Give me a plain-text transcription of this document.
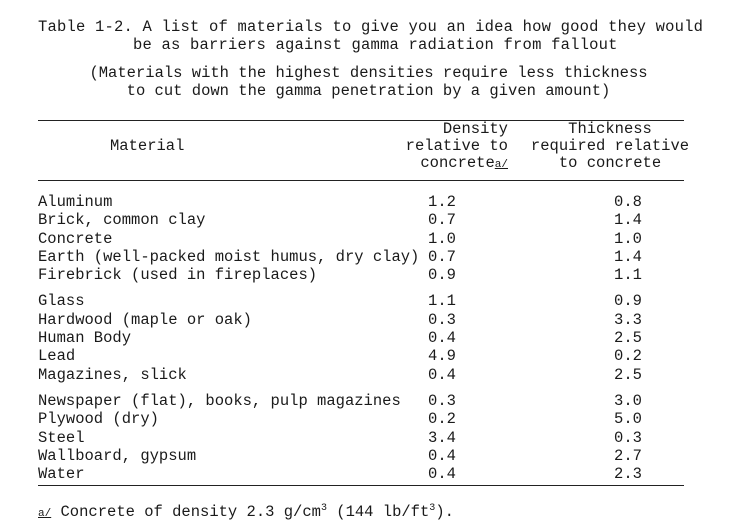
Table 1-2. A list of materials to give you an idea how good they would
be as barriers against gamma radiation from fallout
(Materials with the highest densities require less thickness
to cut down the gamma penetration by a given amount)
Material
Density
relative to
concretea/
Thickness
required relative
to concrete
Aluminum	1.2	0.8
Brick, common clay	0.7	1.4
Concrete	1.0	1.0
Earth (well-packed moist humus, dry clay) 0.7	1.4
Firebrick (used in fireplaces)	0.9	1.1
Glass	1.1	0.9
Hardwood (maple or oak)	0.3	3.3
Human Body	0.4	2.5
Lead	4.9	0.2
Magazines, slick	0.4	2.5
Newspaper (flat), books, pulp magazines	0.3	3.0
Plywood (dry)	0.2	5.0
Steel	3.4	0.3
Wallboard, gypsum	0.4	2.7
Water	0.4	2.3
a/ Concrete of density 2.3 $g/cm^3$ (144 $lb/ft^3$).
